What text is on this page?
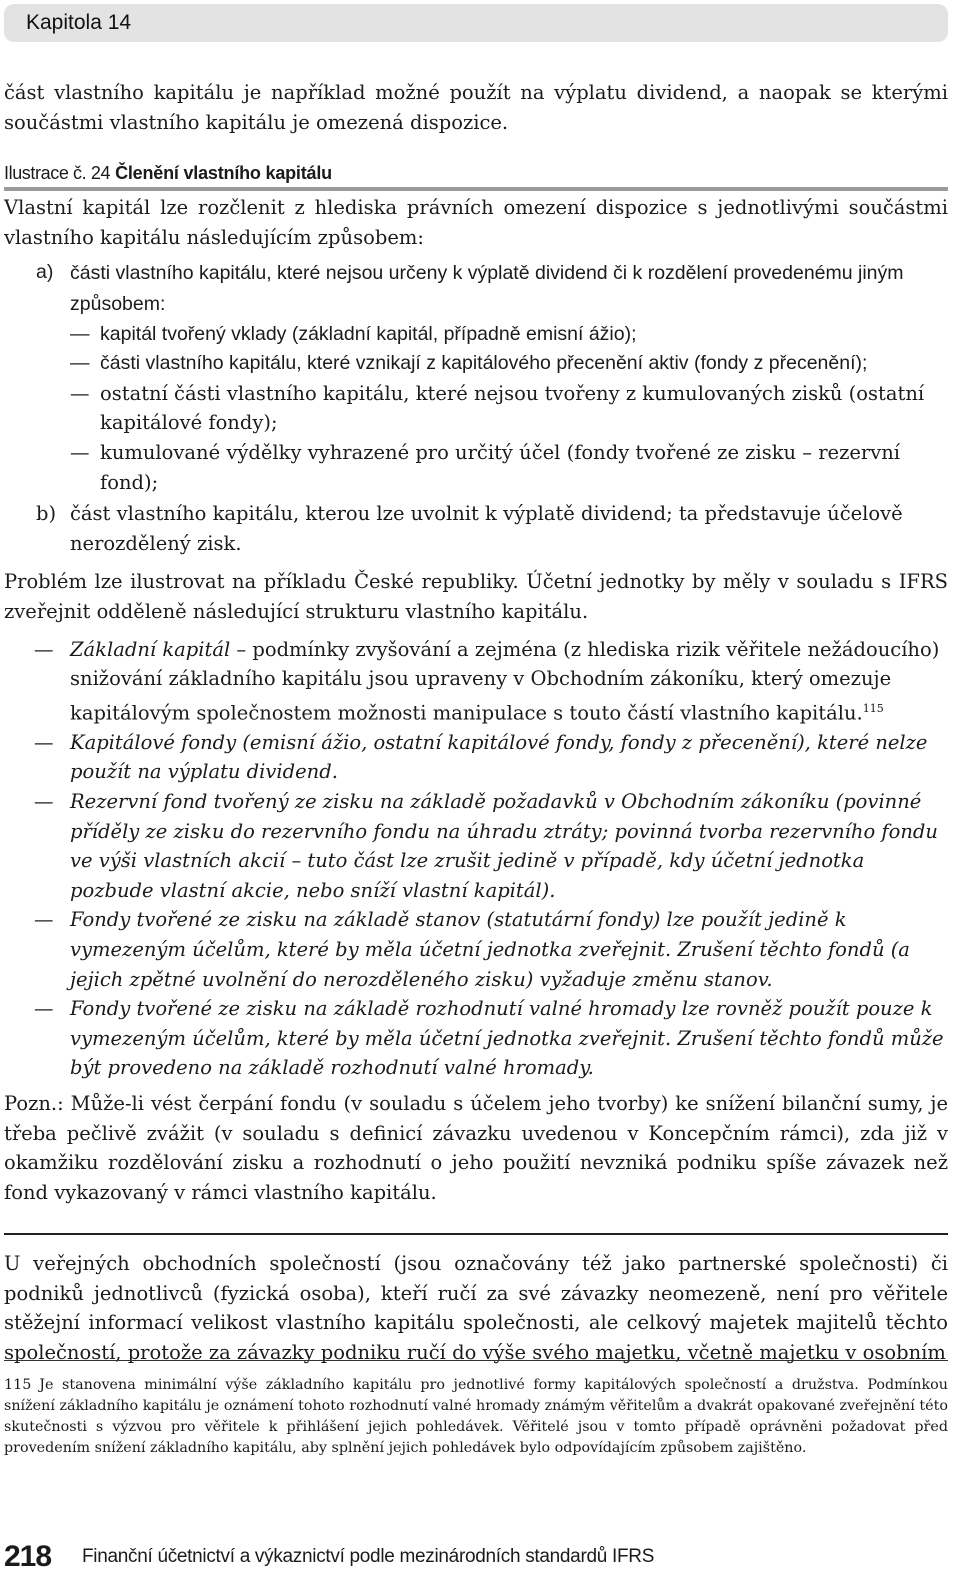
Kapitola 14

část vlastního kapitálu je například možné použít na výplatu dividend, a naopak se kterými součástmi vlastního kapitálu je omezená dispozice.

Ilustrace č. 24 Členění vlastního kapitálu

Vlastní kapitál lze rozčlenit z hlediska právních omezení dispozice s jednotlivými součástmi vlastního kapitálu následujícím způsobem:

a) části vlastního kapitálu, které nejsou určeny k výplatě dividend či k rozdělení provedenému jiným způsobem:
— kapitál tvořený vklady (základní kapitál, případně emisní ážio);
— části vlastního kapitálu, které vznikají z kapitálového přecenění aktiv (fondy z přecenění);
— ostatní části vlastního kapitálu, které nejsou tvořeny z kumulovaných zisků (ostatní kapitálové fondy);
— kumulované výdělky vyhrazené pro určitý účel (fondy tvořené ze zisku – rezervní fond);
b) část vlastního kapitálu, kterou lze uvolnit k výplatě dividend; ta představuje účelově nerozdělený zisk.

Problém lze ilustrovat na příkladu České republiky. Účetní jednotky by měly v souladu s IFRS zveřejnit odděleně následující strukturu vlastního kapitálu.

— Základní kapitál – podmínky zvyšování a zejména (z hlediska rizik věřitele nežádoucího) snižování základního kapitálu jsou upraveny v Obchodním zákoníku, který omezuje kapitálovým společnostem možnosti manipulace s touto částí vlastního kapitálu.$^{115}$
— Kapitálové fondy (emisní ážio, ostatní kapitálové fondy, fondy z přecenění), které nelze použít na výplatu dividend.
— Rezervní fond tvořený ze zisku na základě požadavků v Obchodním zákoníku (povinné příděly ze zisku do rezervního fondu na úhradu ztráty; povinná tvorba rezervního fondu ve výši vlastních akcií – tuto část lze zrušit jedině v případě, kdy účetní jednotka pozbude vlastní akcie, nebo sníží vlastní kapitál).
— Fondy tvořené ze zisku na základě stanov (statutární fondy) lze použít jedině k vymezeným účelům, které by měla účetní jednotka zveřejnit. Zrušení těchto fondů (a jejich zpětné uvolnění do nerozděleného zisku) vyžaduje změnu stanov.
— Fondy tvořené ze zisku na základě rozhodnutí valné hromady lze rovněž použít pouze k vymezeným účelům, které by měla účetní jednotka zveřejnit. Zrušení těchto fondů může být provedeno na základě rozhodnutí valné hromady.

Pozn.: Může-li vést čerpání fondu (v souladu s účelem jeho tvorby) ke snížení bilanční sumy, je třeba pečlivě zvážit (v souladu s definicí závazku uvedenou v Koncepčním rámci), zda již v okamžiku rozdělování zisku a rozhodnutí o jeho použití nevzniká podniku spíše závazek než fond vykazovaný v rámci vlastního kapitálu.

U veřejných obchodních společností (jsou označovány též jako partnerské společnosti) či podniků jednotlivců (fyzická osoba), kteří ručí za své závazky neomezeně, není pro věřitele stěžejní informací velikost vlastního kapitálu společnosti, ale celkový majetek majitelů těchto společností, protože za závazky podniku ručí do výše svého majetku, včetně majetku v osobním

115 Je stanovena minimální výše základního kapitálu pro jednotlivé formy kapitálových společností a družstva. Podmínkou snížení základního kapitálu je oznámení tohoto rozhodnutí valné hromady známým věřitelům a dvakrát opakované zveřejnění této skutečnosti s výzvou pro věřitele k přihlášení jejich pohledávek. Věřitelé jsou v tomto případě oprávněni požadovat před provedením snížení základního kapitálu, aby splnění jejich pohledávek bylo odpovídajícím způsobem zajištěno.
218 Finanční účetnictví a výkaznictví podle mezinárodních standardů IFRS
